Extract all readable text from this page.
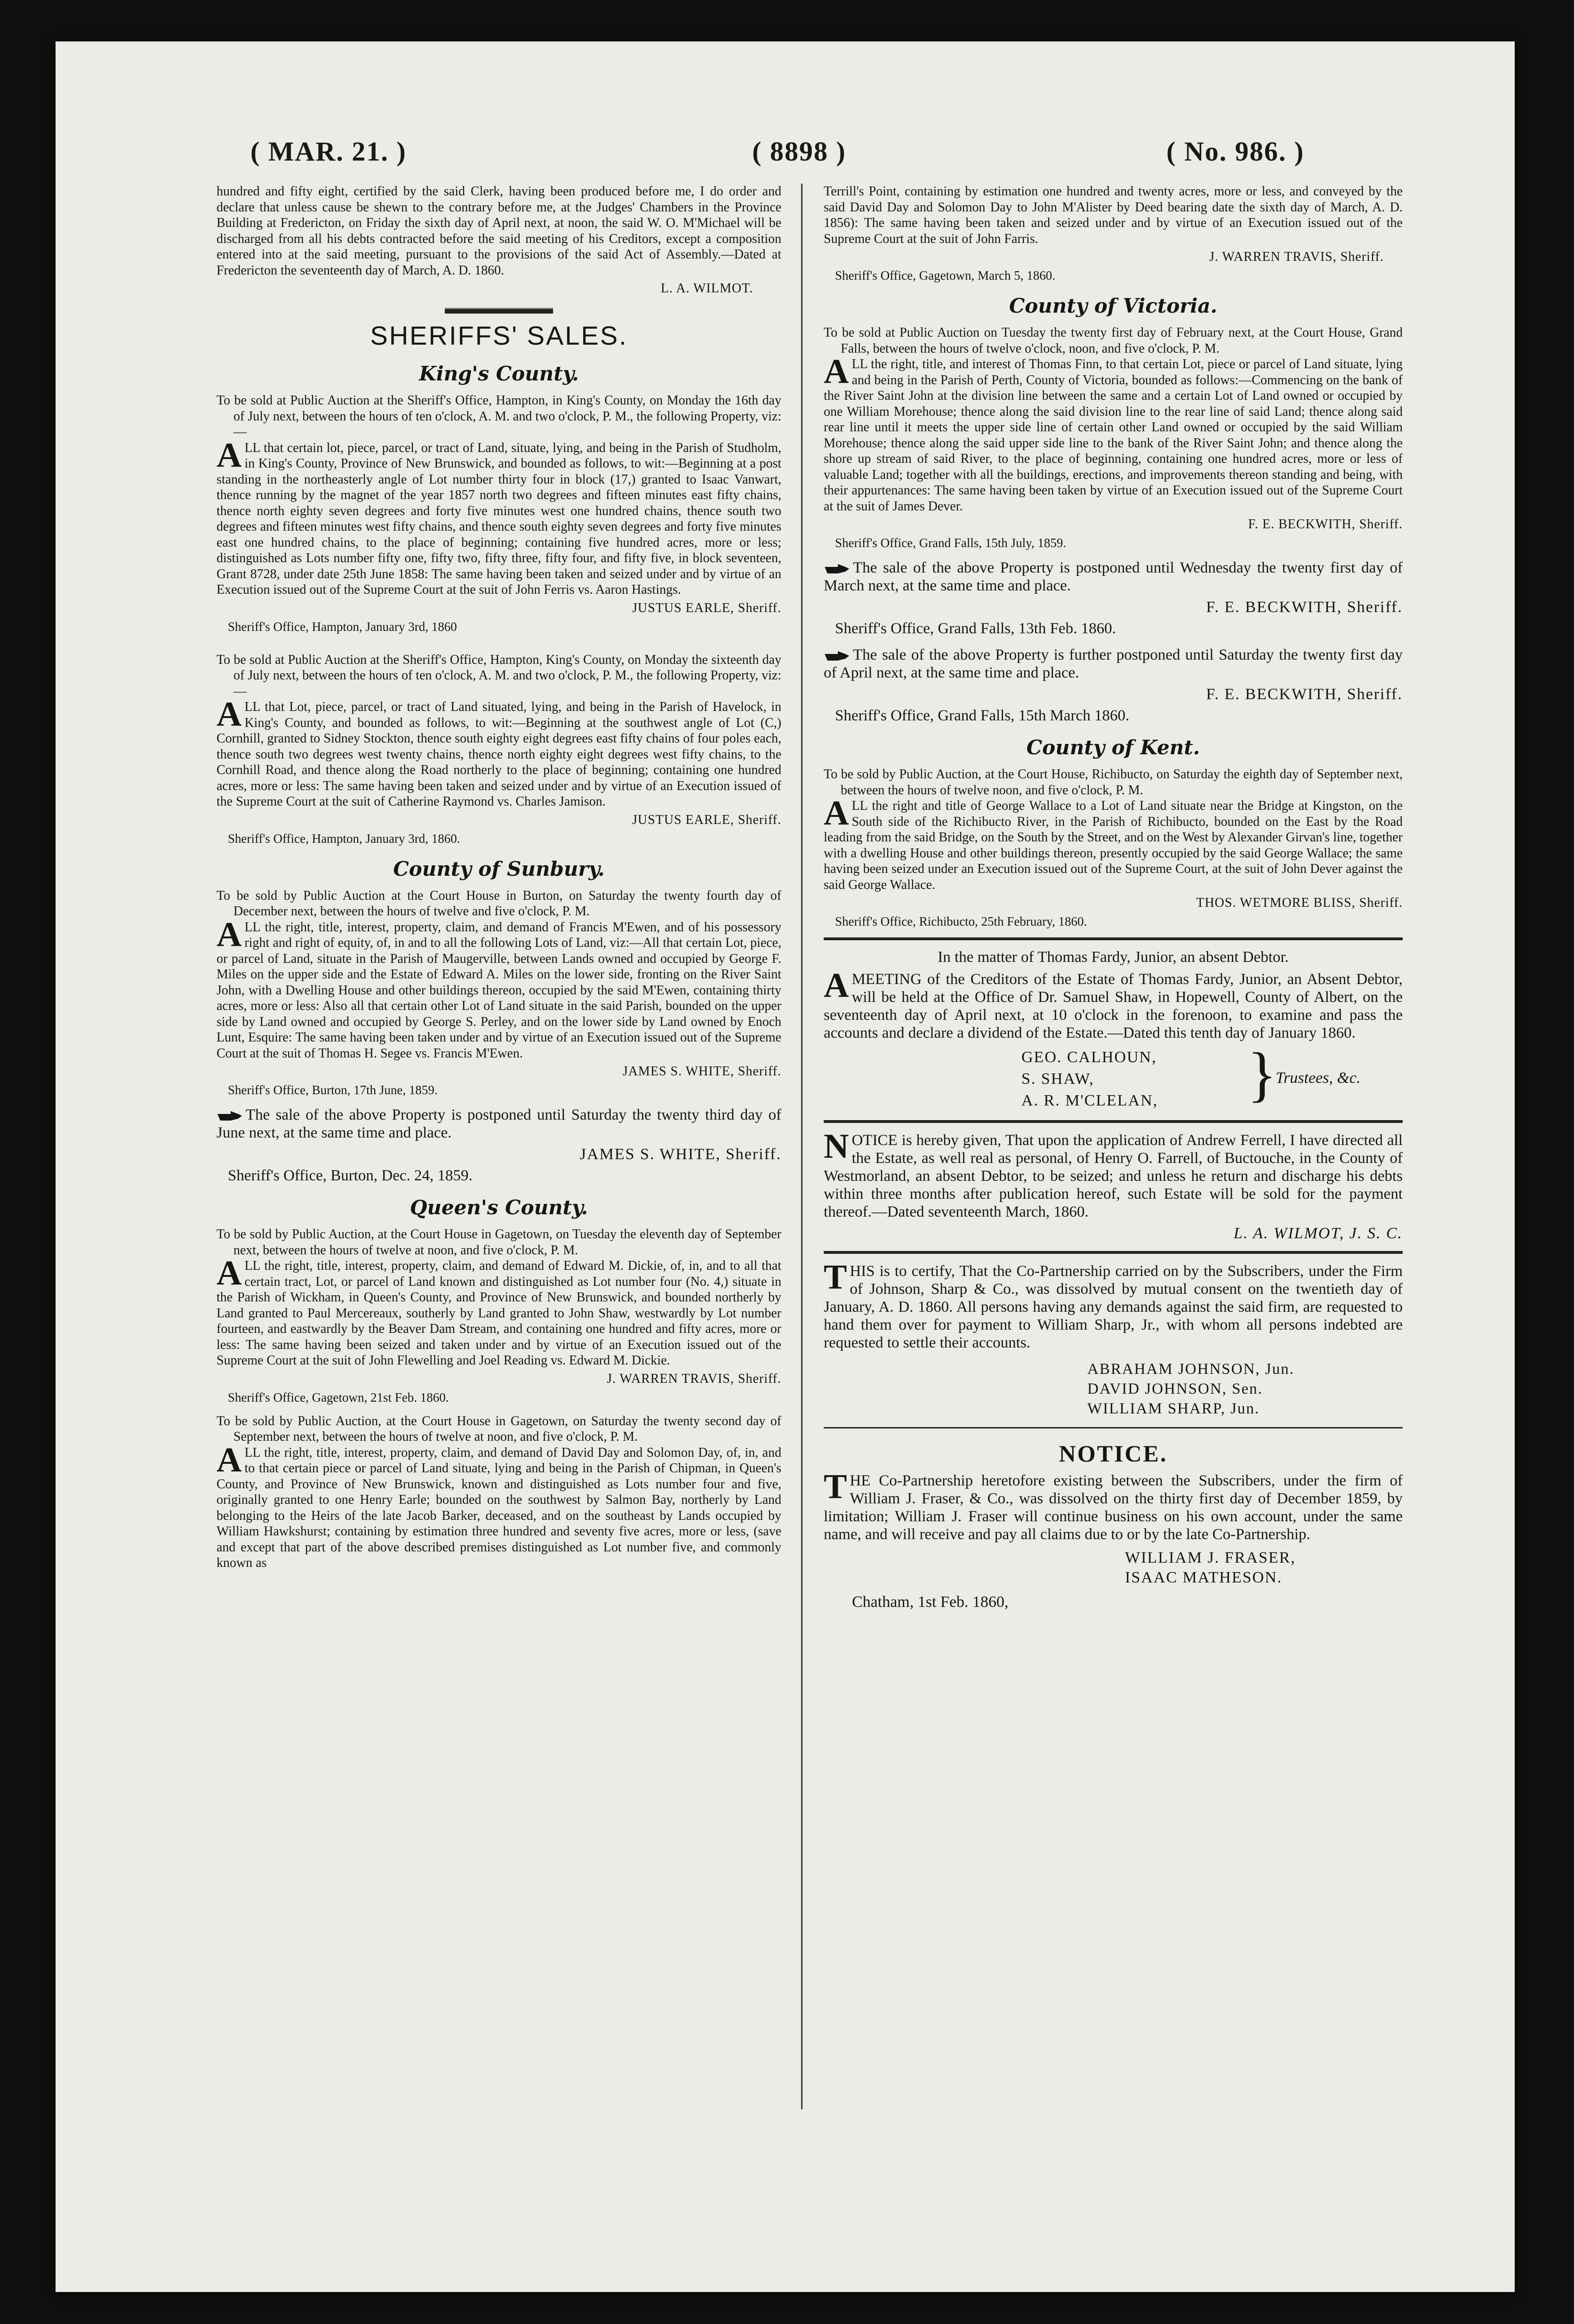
( MAR. 21. )	( 8898 )	( No. 986. )

hundred and fifty eight, certified by the said Clerk, having been produced before me, I do order and declare that unless cause be shewn to the contrary before me, at the Judges' Chambers in the Province Building at Fredericton, on Friday the sixth day of April next, at noon, the said W. O. M'Michael will be discharged from all his debts contracted before the said meeting of his Creditors, except a composition entered into at the said meeting, pursuant to the provisions of the said Act of Assembly.—Dated at Fredericton the seventeenth day of March, A. D. 1860.

L. A. WILMOT.

SHERIFFS' SALES.
King's County.

To be sold at Public Auction at the Sheriff's Office, Hampton, in King's County, on Monday the 16th day of July next, between the hours of ten o'clock, A. M. and two o'clock, P. M., the following Property, viz:—

ALL that certain lot, piece, parcel, or tract of Land, situate, lying, and being in the Parish of Studholm, in King's County, Province of New Brunswick, and bounded as follows, to wit:—Beginning at a post standing in the northeasterly angle of Lot number thirty four in block (17,) granted to Isaac Vanwart, thence running by the magnet of the year 1857 north two degrees and fifteen minutes east fifty chains, thence north eighty seven degrees and forty five minutes west one hundred chains, thence south two degrees and fifteen minutes west fifty chains, and thence south eighty seven degrees and forty five minutes east one hundred chains, to the place of beginning; containing five hundred acres, more or less; distinguished as Lots number fifty one, fifty two, fifty three, fifty four, and fifty five, in block seventeen, Grant 8728, under date 25th June 1858: The same having been taken and seized under and by virtue of an Execution issued out of the Supreme Court at the suit of John Ferris vs. Aaron Hastings.

JUSTUS EARLE, Sheriff.

Sheriff's Office, Hampton, January 3rd, 1860

To be sold at Public Auction at the Sheriff's Office, Hampton, King's County, on Monday the sixteenth day of July next, between the hours of ten o'clock, A. M. and two o'clock, P. M., the following Property, viz:—

ALL that Lot, piece, parcel, or tract of Land situated, lying, and being in the Parish of Havelock, in King's County, and bounded as follows, to wit:—Beginning at the southwest angle of Lot (C,) Cornhill, granted to Sidney Stockton, thence south eighty eight degrees east fifty chains of four poles each, thence south two degrees west twenty chains, thence north eighty eight degrees west fifty chains, to the Cornhill Road, and thence along the Road northerly to the place of beginning; containing one hundred acres, more or less: The same having been taken and seized under and by virtue of an Execution issued of the Supreme Court at the suit of Catherine Raymond vs. Charles Jamison.

JUSTUS EARLE, Sheriff.

Sheriff's Office, Hampton, January 3rd, 1860.

County of Sunbury.

To be sold by Public Auction at the Court House in Burton, on Saturday the twenty fourth day of December next, between the hours of twelve and five o'clock, P. M.

ALL the right, title, interest, property, claim, and demand of Francis M'Ewen, and of his possessory right and right of equity, of, in and to all the following Lots of Land, viz:—All that certain Lot, piece, or parcel of Land, situate in the Parish of Maugerville, between Lands owned and occupied by George F. Miles on the upper side and the Estate of Edward A. Miles on the lower side, fronting on the River Saint John, with a Dwelling House and other buildings thereon, occupied by the said M'Ewen, containing thirty acres, more or less: Also all that certain other Lot of Land situate in the said Parish, bounded on the upper side by Land owned and occupied by George S. Perley, and on the lower side by Land owned by Enoch Lunt, Esquire: The same having been taken under and by virtue of an Execution issued out of the Supreme Court at the suit of Thomas H. Segee vs. Francis M'Ewen.

JAMES S. WHITE, Sheriff.

Sheriff's Office, Burton, 17th June, 1859.

The sale of the above Property is postponed until Saturday the twenty third day of June next, at the same time and place.

JAMES S. WHITE, Sheriff.

Sheriff's Office, Burton, Dec. 24, 1859.

Queen's County.

To be sold by Public Auction, at the Court House in Gagetown, on Tuesday the eleventh day of September next, between the hours of twelve at noon, and five o'clock, P. M.

ALL the right, title, interest, property, claim, and demand of Edward M. Dickie, of, in, and to all that certain tract, Lot, or parcel of Land known and distinguished as Lot number four (No. 4,) situate in the Parish of Wickham, in Queen's County, and Province of New Brunswick, and bounded northerly by Land granted to Paul Mercereaux, southerly by Land granted to John Shaw, westwardly by Lot number fourteen, and eastwardly by the Beaver Dam Stream, and containing one hundred and fifty acres, more or less: The same having been seized and taken under and by virtue of an Execution issued out of the Supreme Court at the suit of John Flewelling and Joel Reading vs. Edward M. Dickie.

J. WARREN TRAVIS, Sheriff.

Sheriff's Office, Gagetown, 21st Feb. 1860.

To be sold by Public Auction, at the Court House in Gagetown, on Saturday the twenty second day of September next, between the hours of twelve at noon, and five o'clock, P. M.

ALL the right, title, interest, property, claim, and demand of David Day and Solomon Day, of, in, and to that certain piece or parcel of Land situate, lying and being in the Parish of Chipman, in Queen's County, and Province of New Brunswick, known and distinguished as Lots number four and five, originally granted to one Henry Earle; bounded on the southwest by Salmon Bay, northerly by Land belonging to the Heirs of the late Jacob Barker, deceased, and on the southeast by Lands occupied by William Hawkshurst; containing by estimation three hundred and seventy five acres, more or less, (save and except that part of the above described premises distinguished as Lot number five, and commonly known as

Terrill's Point, containing by estimation one hundred and twenty acres, more or less, and conveyed by the said David Day and Solomon Day to John M'Alister by Deed bearing date the sixth day of March, A. D. 1856): The same having been taken and seized under and by virtue of an Execution issued out of the Supreme Court at the suit of John Farris.

J. WARREN TRAVIS, Sheriff.

Sheriff's Office, Gagetown, March 5, 1860.

County of Victoria.

To be sold at Public Auction on Tuesday the twenty first day of February next, at the Court House, Grand Falls, between the hours of twelve o'clock, noon, and five o'clock, P. M.

ALL the right, title, and interest of Thomas Finn, to that certain Lot, piece or parcel of Land situate, lying and being in the Parish of Perth, County of Victoria, bounded as follows:—Commencing on the bank of the River Saint John at the division line between the same and a certain Lot of Land owned or occupied by one William Morehouse; thence along the said division line to the rear line of said Land; thence along said rear line until it meets the upper side line of certain other Land owned or occupied by the said William Morehouse; thence along the said upper side line to the bank of the River Saint John; and thence along the shore up stream of said River, to the place of beginning, containing one hundred acres, more or less of valuable Land; together with all the buildings, erections, and improvements thereon standing and being, with their appurtenances: The same having been taken by virtue of an Execution issued out of the Supreme Court at the suit of James Dever.

F. E. BECKWITH, Sheriff.

Sheriff's Office, Grand Falls, 15th July, 1859.

The sale of the above Property is postponed until Wednesday the twenty first day of March next, at the same time and place.

F. E. BECKWITH, Sheriff.

Sheriff's Office, Grand Falls, 13th Feb. 1860.

The sale of the above Property is further postponed until Saturday the twenty first day of April next, at the same time and place.

F. E. BECKWITH, Sheriff.

Sheriff's Office, Grand Falls, 15th March 1860.

County of Kent.

To be sold by Public Auction, at the Court House, Richibucto, on Saturday the eighth day of September next, between the hours of twelve noon, and five o'clock, P. M.

ALL the right and title of George Wallace to a Lot of Land situate near the Bridge at Kingston, on the South side of the Richibucto River, in the Parish of Richibucto, bounded on the East by the Road leading from the said Bridge, on the South by the Street, and on the West by Alexander Girvan's line, together with a dwelling House and other buildings thereon, presently occupied by the said George Wallace; the same having been seized under an Execution issued out of the Supreme Court, at the suit of John Dever against the said George Wallace.

THOS. WETMORE BLISS, Sheriff.

Sheriff's Office, Richibucto, 25th February, 1860.

In the matter of Thomas Fardy, Junior, an absent Debtor.

AMEETING of the Creditors of the Estate of Thomas Fardy, Junior, an Absent Debtor, will be held at the Office of Dr. Samuel Shaw, in Hopewell, County of Albert, on the seventeenth day of April next, at 10 o'clock in the forenoon, to examine and pass the accounts and declare a dividend of the Estate.—Dated this tenth day of January 1860.

GEO. CALHOUN,
S. SHAW,
A. R. M'CLELAN, }
Trustees, &c.

NOTICE is hereby given, That upon the application of Andrew Ferrell, I have directed all the Estate, as well real as personal, of Henry O. Farrell, of Buctouche, in the County of Westmorland, an absent Debtor, to be seized; and unless he return and discharge his debts within three months after publication hereof, such Estate will be sold for the payment thereof.—Dated seventeenth March, 1860.

L. A. WILMOT, J. S. C.

THIS is to certify, That the Co-Partnership carried on by the Subscribers, under the Firm of Johnson, Sharp & Co., was dissolved by mutual consent on the twentieth day of January, A. D. 1860. All persons having any demands against the said firm, are requested to hand them over for payment to William Sharp, Jr., with whom all persons indebted are requested to settle their accounts.

ABRAHAM JOHNSON, Jun.
DAVID JOHNSON, Sen.
WILLIAM SHARP, Jun.
NOTICE.

THE Co-Partnership heretofore existing between the Subscribers, under the firm of William J. Fraser, & Co., was dissolved on the thirty first day of December 1859, by limitation; William J. Fraser will continue business on his own account, under the same name, and will receive and pay all claims due to or by the late Co-Partnership.

WILLIAM J. FRASER,
ISAAC MATHESON.

Chatham, 1st Feb. 1860,
